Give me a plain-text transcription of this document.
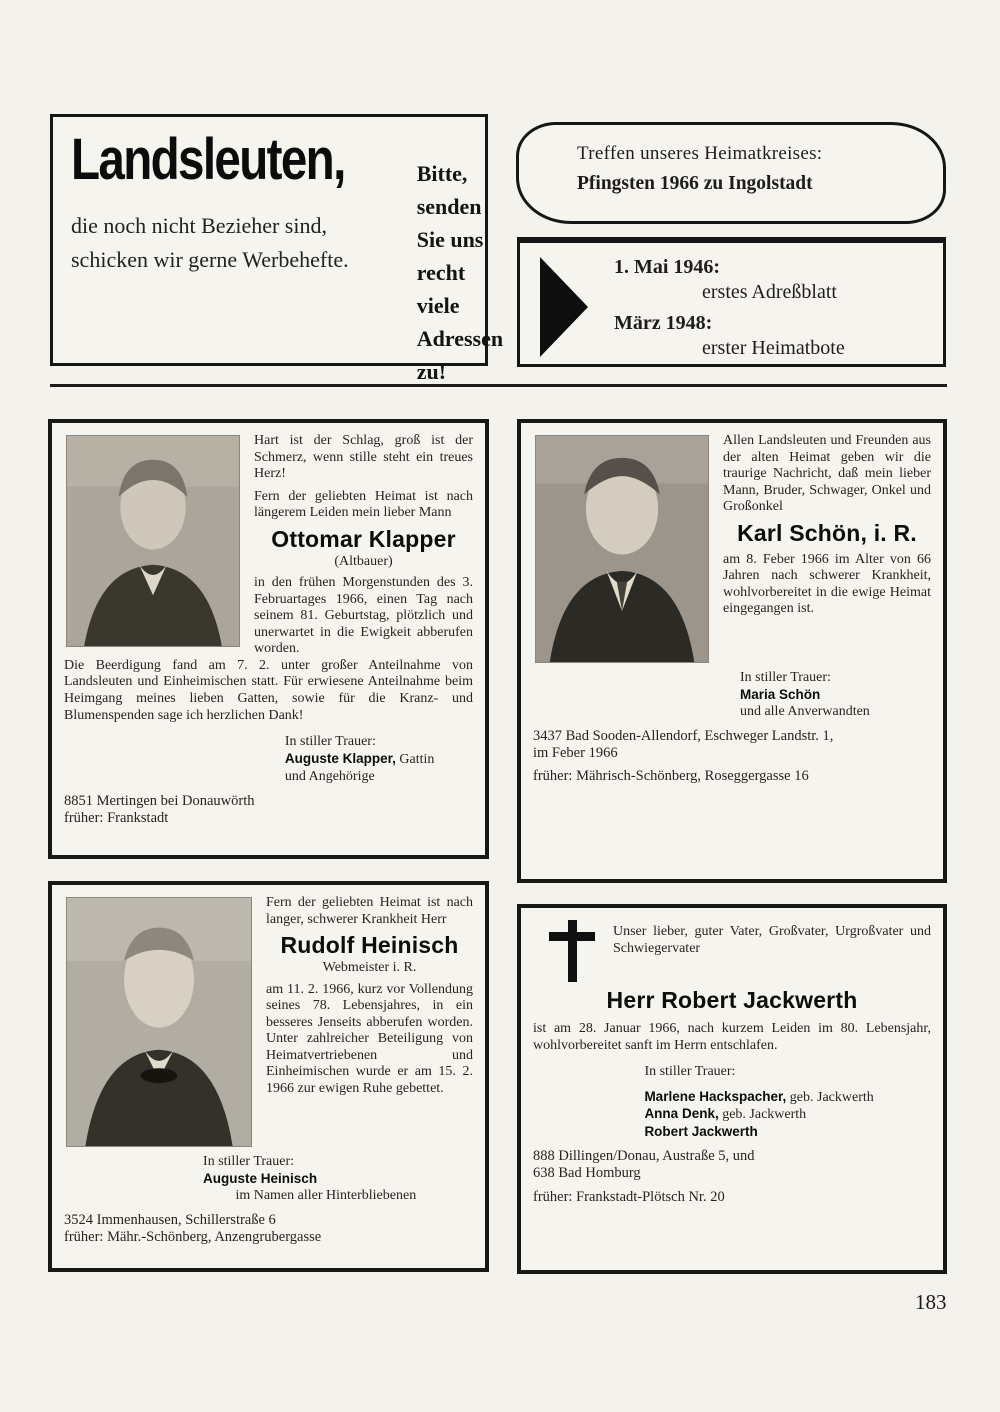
Landsleuten,
die noch nicht Bezieher sind, schicken wir gerne Werbehefte.
Bitte, senden Sie uns recht viele Adressen zu!
Treffen unseres Heimatkreises:
Pfingsten 1966 zu Ingolstadt
1. Mai 1946:
erstes Adreßblatt
März 1948:
erster Heimatbote

Hart ist der Schlag, groß ist der Schmerz, wenn stille steht ein treues Herz!

Fern der geliebten Heimat ist nach längerem Leiden mein lieber Mann

Ottomar Klapper
(Altbauer)

in den frühen Morgenstunden des 3. Februartages 1966, einen Tag nach seinem 81. Geburtstag, plötzlich und unerwartet in die Ewigkeit abberufen worden.

Die Beerdigung fand am 7. 2. unter großer Anteilnahme von Landsleuten und Einheimischen statt. Für erwiesene Anteilnahme beim Heimgang meines lieben Gatten, sowie für die Kranz- und Blumenspenden sage ich herzlichen Dank!

In stiller Trauer:
Auguste Klapper, Gattin
und Angehörige
8851 Mertingen bei Donauwörth
früher: Frankstadt

Allen Landsleuten und Freunden aus der alten Heimat geben wir die traurige Nachricht, daß mein lieber Mann, Bruder, Schwager, Onkel und Großonkel

Karl Schön, i. R.

am 8. Feber 1966 im Alter von 66 Jahren nach schwerer Krankheit, wohlvorbereitet in die ewige Heimat eingegangen ist.

In stiller Trauer:
Maria Schön
und alle Anverwandten
3437 Bad Sooden-Allendorf, Eschweger Landstr. 1,
im Feber 1966
früher: Mährisch-Schönberg, Roseggergasse 16

Fern der geliebten Heimat ist nach langer, schwerer Krankheit Herr

Rudolf Heinisch
Webmeister i. R.

am 11. 2. 1966, kurz vor Vollendung seines 78. Lebensjahres, in ein besseres Jenseits abberufen worden. Unter zahlreicher Beteiligung von Heimatvertriebenen und Einheimischen wurde er am 15. 2. 1966 zur ewigen Ruhe gebettet.

In stiller Trauer:
Auguste Heinisch
im Namen aller Hinterbliebenen
3524 Immenhausen, Schillerstraße 6
früher: Mähr.-Schönberg, Anzengrubergasse

Unser lieber, guter Vater, Großvater, Urgroßvater und Schwiegervater

Herr Robert Jackwerth

ist am 28. Januar 1966, nach kurzem Leiden im 80. Lebensjahr, wohlvorbereitet sanft im Herrn entschlafen.

In stiller Trauer:
Marlene Hackspacher, geb. Jackwerth
Anna Denk, geb. Jackwerth
Robert Jackwerth
888 Dillingen/Donau, Austraße 5, und
638 Bad Homburg
früher: Frankstadt-Plötsch Nr. 20
183
